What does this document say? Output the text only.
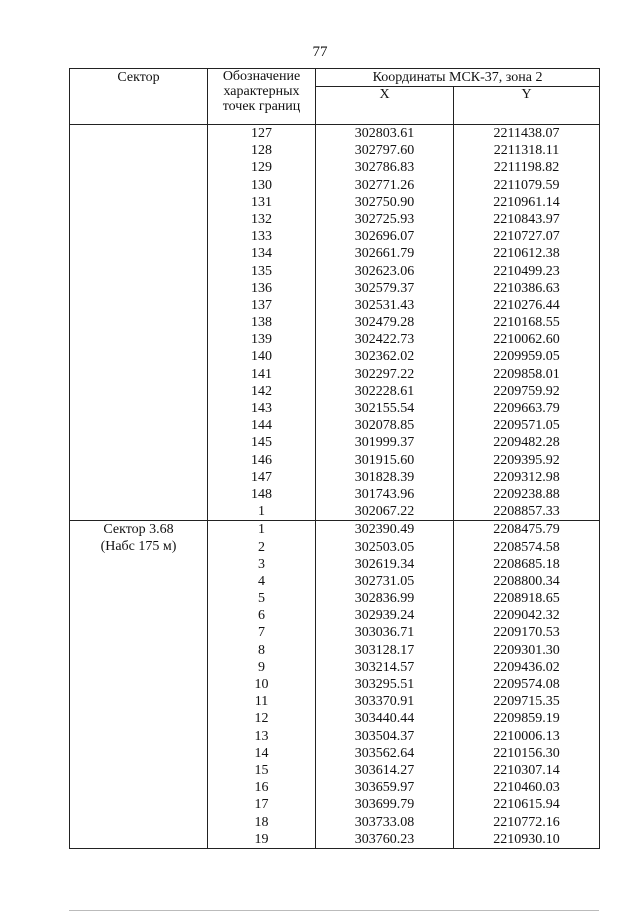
77
Сектор	Обозначение
характерных
точек границ	Координаты МСК-37, зона 2	
		X	Y
	127	302803.61	2211438.07
	128	302797.60	2211318.11
	129	302786.83	2211198.82
	130	302771.26	2211079.59
	131	302750.90	2210961.14
	132	302725.93	2210843.97
	133	302696.07	2210727.07
	134	302661.79	2210612.38
	135	302623.06	2210499.23
	136	302579.37	2210386.63
	137	302531.43	2210276.44
	138	302479.28	2210168.55
	139	302422.73	2210062.60
	140	302362.02	2209959.05
	141	302297.22	2209858.01
	142	302228.61	2209759.92
	143	302155.54	2209663.79
	144	302078.85	2209571.05
	145	301999.37	2209482.28
	146	301915.60	2209395.92
	147	301828.39	2209312.98
	148	301743.96	2209238.88
	1	302067.22	2208857.33

Сектор 3.68
(Набс 175 м)	1	302390.49	2208475.79
	2	302503.05	2208574.58
	3	302619.34	2208685.18
	4	302731.05	2208800.34
	5	302836.99	2208918.65
	6	302939.24	2209042.32
	7	303036.71	2209170.53
	8	303128.17	2209301.30
	9	303214.57	2209436.02
	10	303295.51	2209574.08
	11	303370.91	2209715.35
	12	303440.44	2209859.19
	13	303504.37	2210006.13
	14	303562.64	2210156.30
	15	303614.27	2210307.14
	16	303659.97	2210460.03
	17	303699.79	2210615.94
	18	303733.08	2210772.16
	19	303760.23	2210930.10
